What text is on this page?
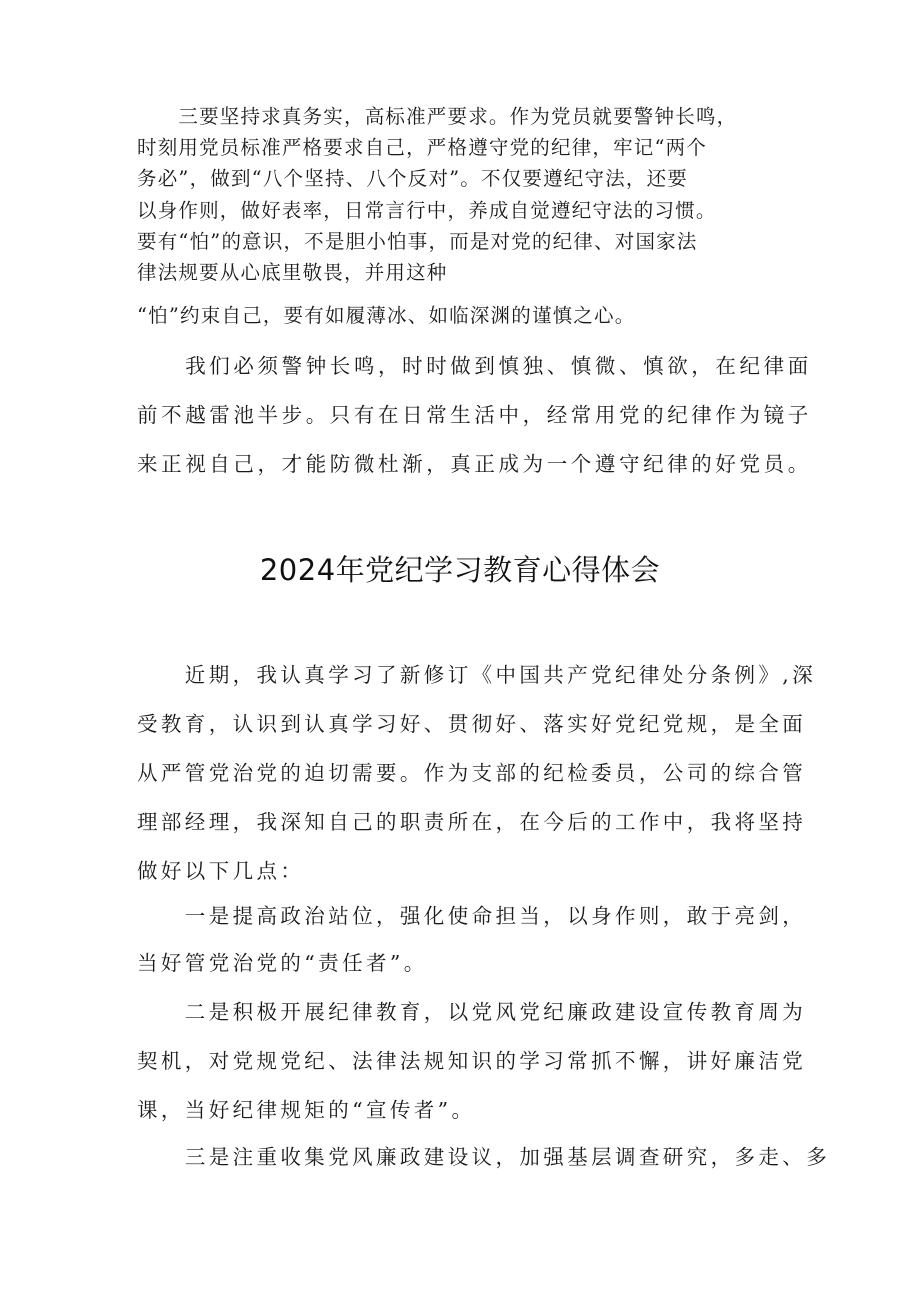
　　三要坚持求真务实，高标准严要求。作为党员就要警钟长鸣，

时刻用党员标准严格要求自己，严格遵守党的纪律，牢记“两个

务必”，做到“八个坚持、八个反对”。不仅要遵纪守法，还要

以身作则，做好表率，日常言行中，养成自觉遵纪守法的习惯。

要有“怕”的意识，不是胆小怕事，而是对党的纪律、对国家法

律法规要从心底里敬畏，并用这种

“怕”约束自己，要有如履薄冰、如临深渊的谨慎之心。

　　我们必须警钟长鸣，时时做到慎独、慎微、慎欲，在纪律面

前不越雷池半步。只有在日常生活中，经常用党的纪律作为镜子

来正视自己，才能防微杜渐，真正成为一个遵守纪律的好党员。

2024年党纪学习教育心得体会

　　近期，我认真学习了新修订《中国共产党纪律处分条例》,深

受教育，认识到认真学习好、贯彻好、落实好党纪党规，是全面

从严管党治党的迫切需要。作为支部的纪检委员，公司的综合管

理部经理，我深知自己的职责所在，在今后的工作中，我将坚持

做好以下几点：

　　一是提高政治站位，强化使命担当，以身作则，敢于亮剑，

当好管党治党的“责任者”。

　　二是积极开展纪律教育，以党风党纪廉政建设宣传教育周为

契机，对党规党纪、法律法规知识的学习常抓不懈，讲好廉洁党

课，当好纪律规矩的“宣传者”。

　　三是注重收集党风廉政建设议，加强基层调查研究，多走、多
